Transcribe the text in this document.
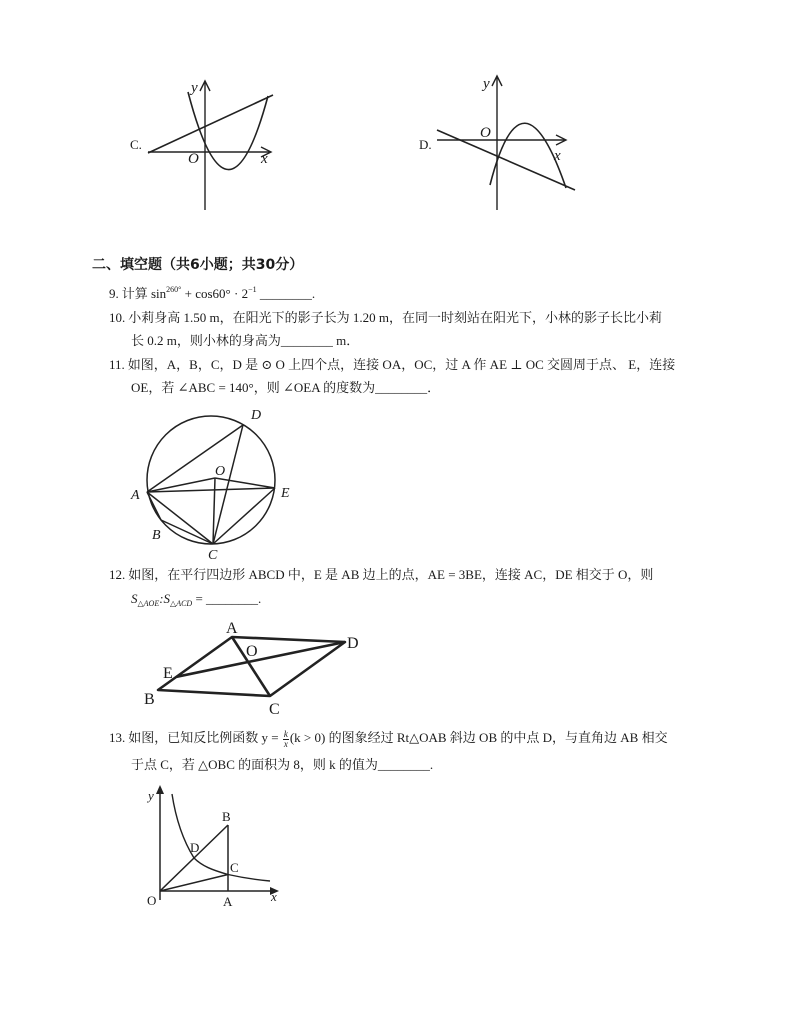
C.
y
O	x
D.
y
O
x
二、填空题（共6小题；共30分）
9. 计算 $\sin^{260^\circ} + \cos 60^\circ \cdot 2^{-1}$ ________.
10. 小莉身高 1.50 m，在阳光下的影子长为 1.20 m，在同一时刻站在阳光下，小林的影子长比小莉
长 0.2 m，则小林的身高为________ m．
11. 如图，A，B，C，D 是 ⊙ O 上四个点，连接 OA，OC，过 A 作 AE ⊥ OC 交圆周于点、 E，连接
OE，若 ∠ABC = 140°，则 ∠OEA 的度数为________．
D
O
A	E
B
C
12. 如图，在平行四边形 ABCD 中，E 是 AB 边上的点，AE = 3BE，连接 AC，DE 相交于 O，则
$S_{\triangle AOE}:S_{\triangle ACD}$ = ________.
A
O	D
E
B
C
13. 如图，已知反比例函数 $y = \frac{k}{x} (k > 0)$ 的图象经过 Rt△OAB 斜边 OB 的中点 D，与直角边 AB 相交
于点 C，若 △OBC 的面积为 8，则 k 的值为________.
y
B
D
C
O	A	x
